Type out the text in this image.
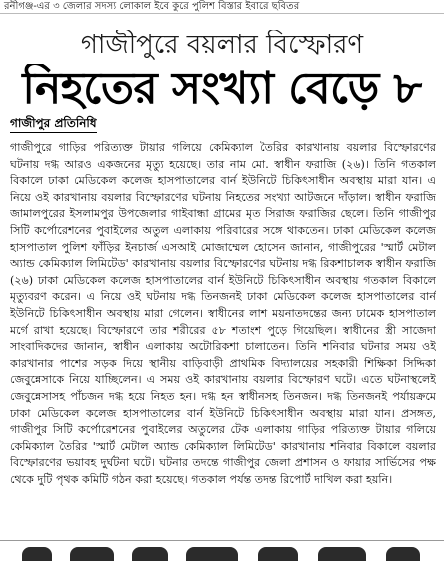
রনীগঞ্জ-এর ৩ জেলার সদস্য লোকাল ইবে কুরে পুলিশ বিস্তার ইবারে ছবিতর
গাজীপুরে বয়লার বিস্ফোরণ
নিহতের সংখ্যা বেড়ে ৮
গাজীপুর প্রতিনিধি

গাজীপুরে গাড়ির পরিত্যক্ত টায়ার গলিয়ে কেমিক্যাল তৈরির কারখানায় বয়লার বিস্ফোরণের ঘটনায় দগ্ধ আরও একজনের মৃত্যু হয়েছে। তার নাম মো. স্বাধীন ফরাজি (২৬)। তিনি গতকাল বিকালে ঢাকা মেডিকেল কলেজ হাসপাতালের বার্ন ইউনিটে চিকিৎসাধীন অবস্থায় মারা যান। এ নিয়ে ওই কারখানায় বয়লার বিস্ফোরণের ঘটনায় নিহতের সংখ্যা আটজনে দাঁড়াল। স্বাধীন ফরাজি জামালপুরের ইসলামপুর উপজেলার গাইবান্ধা গ্রামের মৃত সিরাজ ফরাজির ছেলে। তিনি গাজীপুর সিটি কর্পোরেশনের পুবাইলের অতুল এলাকায় পরিবারের সঙ্গে থাকতেন। ঢাকা মেডিকেল কলেজ হাসপাতাল পুলিশ ফাঁড়ির ইনচার্জ এসআই মোজাম্মেল হোসেন জানান, গাজীপুরের 'স্মার্ট মেটাল অ্যান্ড কেমিক্যাল লিমিটেড' কারখানায় বয়লার বিস্ফোরণের ঘটনায় দগ্ধ রিকশাচালক স্বাধীন ফরাজি (২৬) ঢাকা মেডিকেল কলেজ হাসপাতালের বার্ন ইউনিটে চিকিৎসাধীন অবস্থায় গতকাল বিকালে মৃত্যুবরণ করেন। এ নিয়ে ওই ঘটনায় দগ্ধ তিনজনই ঢাকা মেডিকেল কলেজ হাসপাতালের বার্ন ইউনিটে চিকিৎসাধীন অবস্থায় মারা গেলেন। স্বাধীনের লাশ ময়নাতদন্তের জন্য ঢামেক হাসপাতাল মর্গে রাখা হয়েছে। বিস্ফোরণে তার শরীরের ৫৮ শতাংশ পুড়ে গিয়েছিল। স্বাধীনের স্ত্রী সাজেদা সাংবাদিকদের জানান, স্বাধীন এলাকায় অটোরিকশা চালাতেন। তিনি শনিবার ঘটনার সময় ওই কারখানার পাশের সড়ক দিয়ে স্থানীয় বাড়িবাড়ী প্রাথমিক বিদ্যালয়ের সহকারী শিক্ষিকা সিদ্দিকা জেবুন্নেসাকে নিয়ে যাচ্ছিলেন। এ সময় ওই কারখানায় বয়লার বিস্ফোরণ ঘটে। এতে ঘটনাস্থলেই জেবুন্নেসাসহ পাঁচজন দগ্ধ হয়ে নিহত হন। দগ্ধ হন স্বাধীনসহ তিনজন। দগ্ধ তিনজনই পর্যায়ক্রমে ঢাকা মেডিকেল কলেজ হাসপাতালের বার্ন ইউনিটে চিকিৎসাধীন অবস্থায় মারা যান। প্রসঙ্গত, গাজীপুর সিটি কর্পোরেশনের পুবাইলের অতুলের টেক এলাকায় গাড়ির পরিত্যক্ত টায়ার গলিয়ে কেমিক্যাল তৈরির 'স্মার্ট মেটাল অ্যান্ড কেমিক্যাল লিমিটেড' কারখানায় শনিবার বিকালে বয়লার বিস্ফোরণের ভয়াবহ দুর্ঘটনা ঘটে। ঘটনার তদন্তে গাজীপুর জেলা প্রশাসন ও ফায়ার সার্ভিসের পক্ষ থেকে দুটি পৃথক কমিটি গঠন করা হয়েছে। গতকাল পর্যন্ত তদন্ত রিপোর্ট দাখিল করা হয়নি।
